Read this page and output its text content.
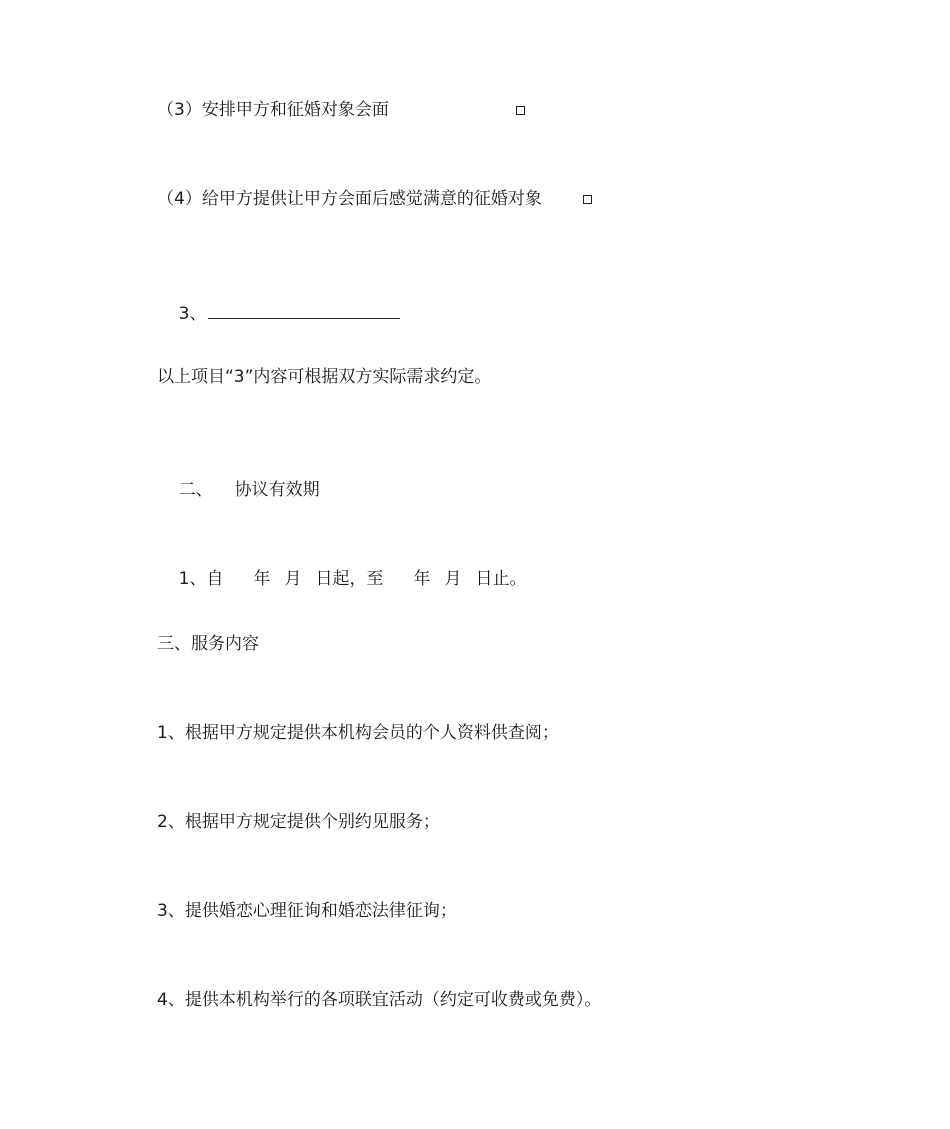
（3）安排甲方和征婚对象会面
（4）给甲方提供让甲方会面后感觉满意的征婚对象

3、

以上项目“3”内容可根据双方实际需求约定。

二、 协议有效期

1、自 年 月 日起，至 年 月 日止。

三、服务内容
1、根据甲方规定提供本机构会员的个人资料供查阅；
2、根据甲方规定提供个别约见服务；
3、提供婚恋心理征询和婚恋法律征询；
4、提供本机构举行的各项联宜活动（约定可收费或免费）。
